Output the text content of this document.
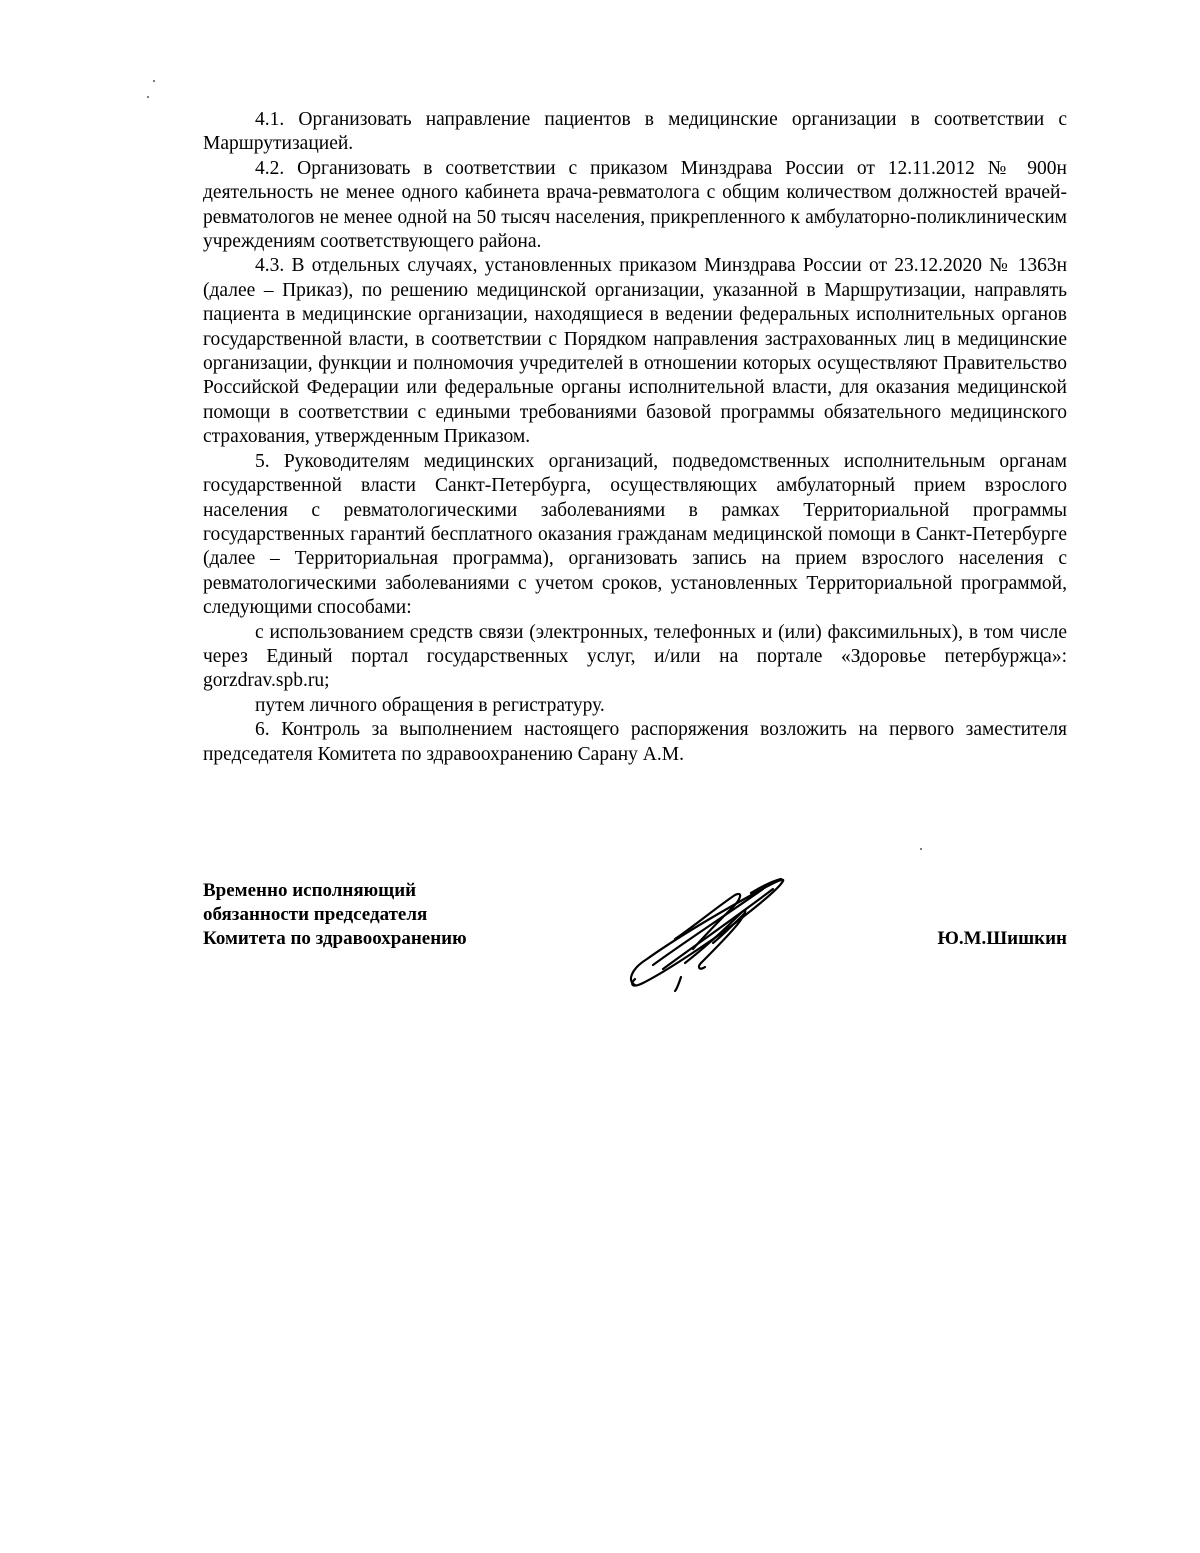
4.1. Организовать направление пациентов в медицинские организации в соответствии с Маршрутизацией.

4.2. Организовать в соответствии с приказом Минздрава России от 12.11.2012 № 900н деятельность не менее одного кабинета врача-ревматолога с общим количеством должностей врачей-ревматологов не менее одной на 50 тысяч населения, прикрепленного к амбулаторно-поликлиническим учреждениям соответствующего района.

4.3. В отдельных случаях, установленных приказом Минздрава России от 23.12.2020 № 1363н (далее – Приказ), по решению медицинской организации, указанной в Маршрутизации, направлять пациента в медицинские организации, находящиеся в ведении федеральных исполнительных органов государственной власти, в соответствии с Порядком направления застрахованных лиц в медицинские организации, функции и полномочия учредителей в отношении которых осуществляют Правительство Российской Федерации или федеральные органы исполнительной власти, для оказания медицинской помощи в соответствии с едиными требованиями базовой программы обязательного медицинского страхования, утвержденным Приказом.

5. Руководителям медицинских организаций, подведомственных исполнительным органам государственной власти Санкт-Петербурга, осуществляющих амбулаторный прием взрослого населения с ревматологическими заболеваниями в рамках Территориальной программы государственных гарантий бесплатного оказания гражданам медицинской помощи в Санкт-Петербурге (далее – Территориальная программа), организовать запись на прием взрослого населения с ревматологическими заболеваниями с учетом сроков, установленных Территориальной программой, следующими способами:

с использованием средств связи (электронных, телефонных и (или) факсимильных), в том числе через Единый портал государственных услуг, и/или на портале «Здоровье петербуржца»: gorzdrav.spb.ru;

путем личного обращения в регистратуру.

6. Контроль за выполнением настоящего распоряжения возложить на первого заместителя председателя Комитета по здравоохранению Сарану А.М.

Временно исполняющий
обязанности председателя
Комитета по здравоохранению	Ю.М.Шишкин
